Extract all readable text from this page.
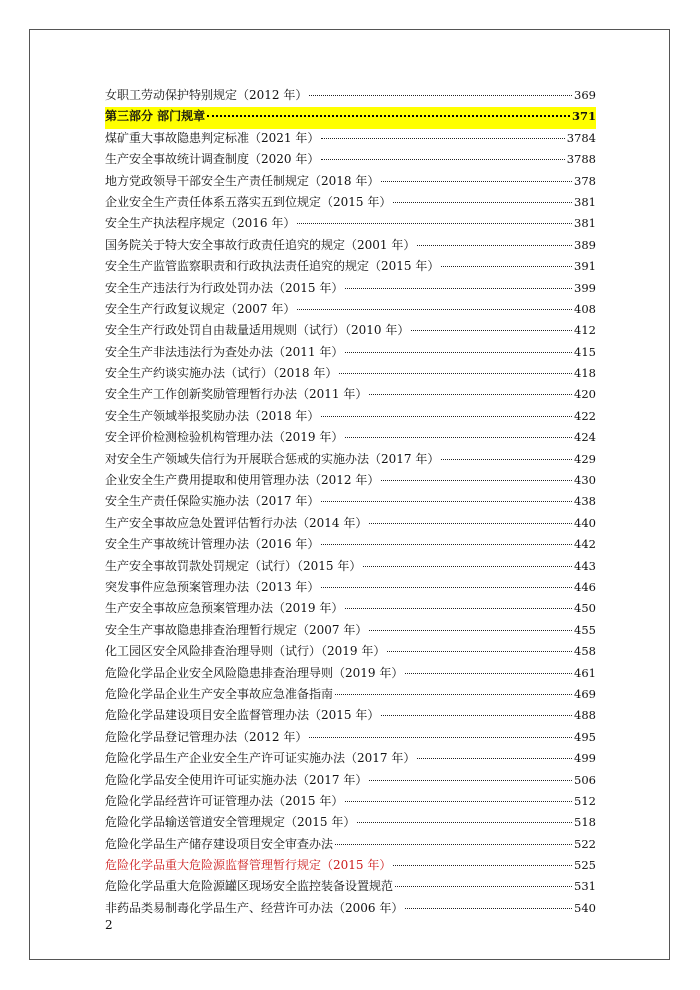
女职工劳动保护特别规定（2012 年）	369
第三部分 部门规章	371
煤矿重大事故隐患判定标准（2021 年）	3784
生产安全事故统计调查制度（2020 年）	3788
地方党政领导干部安全生产责任制规定（2018 年）	378
企业安全生产责任体系五落实五到位规定（2015 年）	381
安全生产执法程序规定（2016 年）	381
国务院关于特大安全事故行政责任追究的规定（2001 年）	389
安全生产监管监察职责和行政执法责任追究的规定（2015 年）	391
安全生产违法行为行政处罚办法（2015 年）	399
安全生产行政复议规定（2007 年）	408
安全生产行政处罚自由裁量适用规则（试行）（2010 年）	412
安全生产非法违法行为查处办法（2011 年）	415
安全生产约谈实施办法（试行）（2018 年）	418
安全生产工作创新奖励管理暂行办法（2011 年）	420
安全生产领域举报奖励办法（2018 年）	422
安全评价检测检验机构管理办法（2019 年）	424
对安全生产领域失信行为开展联合惩戒的实施办法（2017 年）	429
企业安全生产费用提取和使用管理办法（2012 年）	430
安全生产责任保险实施办法（2017 年）	438
生产安全事故应急处置评估暂行办法（2014 年）	440
安全生产事故统计管理办法（2016 年）	442
生产安全事故罚款处罚规定（试行）（2015 年）	443
突发事件应急预案管理办法（2013 年）	446
生产安全事故应急预案管理办法（2019 年）	450
安全生产事故隐患排查治理暂行规定（2007 年）	455
化工园区安全风险排查治理导则（试行）（2019 年）	458
危险化学品企业安全风险隐患排查治理导则（2019 年）	461
危险化学品企业生产安全事故应急准备指南	469
危险化学品建设项目安全监督管理办法（2015 年）	488
危险化学品登记管理办法（2012 年）	495
危险化学品生产企业安全生产许可证实施办法（2017 年）	499
危险化学品安全使用许可证实施办法（2017 年）	506
危险化学品经营许可证管理办法（2015 年）	512
危险化学品输送管道安全管理规定（2015 年）	518
危险化学品生产储存建设项目安全审查办法	522
危险化学品重大危险源监督管理暂行规定（2015 年）	525
危险化学品重大危险源罐区现场安全监控装备设置规范	531
非药品类易制毒化学品生产、经营许可办法（2006 年）	540
2
